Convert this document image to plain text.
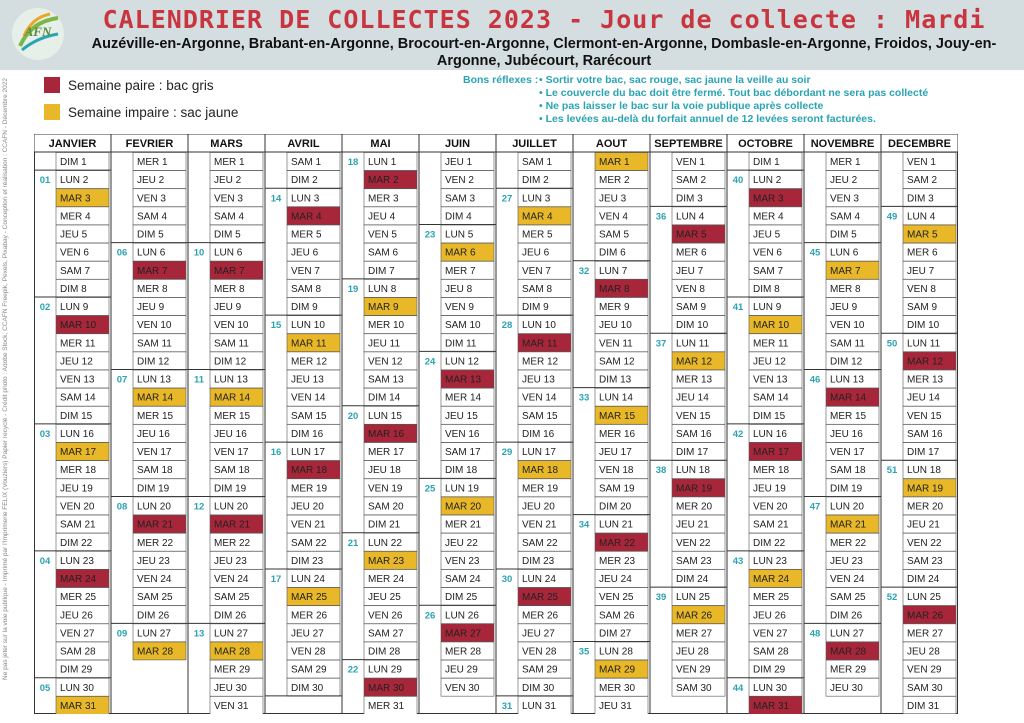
AFN	CALENDRIER DE COLLECTES 2023 - Jour de collecte : Mardi
Auzéville-en-Argonne, Brabant-en-Argonne, Brocourt-en-Argonne, Clermont-en-Argonne, Dombasle-en-Argonne, Froidos, Jouy-en-Argonne, Jubécourt, Rarécourt
Semaine paire : bac gris
Semaine impaire : sac jaune
Bons réflexes :
• Sortir votre bac, sac rouge, sac jaune la veille au soir
• Le couvercle du bac doit être fermé. Tout bac débordant ne sera pas collecté
• Ne pas laisser le bac sur la voie publique après collecte
• Les levées au-delà du forfait annuel de 12 levées seront facturées.
Ne pas jeter sur la voie publique - Imprimé par l'Imprimerie FELIX (Vouziers) Papier recyclé - Crédit photo : Adobe Stock, CCAFN Freepik, Pexels, Pixabay - Conception et réalisation : CCAFN - Décembre 2022	JANVIER
DIM 1
LUN 2
01
MAR 3
MER 4
JEU 5
VEN 6
SAM 7
DIM 8
LUN 9
02
MAR 10
MER 11
JEU 12
VEN 13
SAM 14
DIM 15
LUN 16
03
MAR 17
MER 18
JEU 19
VEN 20
SAM 21
DIM 22
LUN 23
04
MAR 24
MER 25
JEU 26
VEN 27
SAM 28
DIM 29
LUN 30
05
MAR 31
FEVRIER
MER 1
JEU 2
VEN 3
SAM 4
DIM 5
LUN 6
06
MAR 7
MER 8
JEU 9
VEN 10
SAM 11
DIM 12
LUN 13
07
MAR 14
MER 15
JEU 16
VEN 17
SAM 18
DIM 19
LUN 20
08
MAR 21
MER 22
JEU 23
VEN 24
SAM 25
DIM 26
LUN 27
09
MAR 28
MARS
MER 1
JEU 2
VEN 3
SAM 4
DIM 5
LUN 6
10
MAR 7
MER 8
JEU 9
VEN 10
SAM 11
DIM 12
LUN 13
11
MAR 14
MER 15
JEU 16
VEN 17
SAM 18
DIM 19
LUN 20
12
MAR 21
MER 22
JEU 23
VEN 24
SAM 25
DIM 26
LUN 27
13
MAR 28
MER 29
JEU 30
VEN 31
AVRIL
SAM 1
DIM 2
LUN 3
14
MAR 4
MER 5
JEU 6
VEN 7
SAM 8
DIM 9
LUN 10
15
MAR 11
MER 12
JEU 13
VEN 14
SAM 15
DIM 16
LUN 17
16
MAR 18
MER 19
JEU 20
VEN 21
SAM 22
DIM 23
LUN 24
17
MAR 25
MER 26
JEU 27
VEN 28
SAM 29
DIM 30
MAI
LUN 1
18
MAR 2
MER 3
JEU 4
VEN 5
SAM 6
DIM 7
LUN 8
19
MAR 9
MER 10
JEU 11
VEN 12
SAM 13
DIM 14
LUN 15
20
MAR 16
MER 17
JEU 18
VEN 19
SAM 20
DIM 21
LUN 22
21
MAR 23
MER 24
JEU 25
VEN 26
SAM 27
DIM 28
LUN 29
22
MAR 30
MER 31
JUIN
JEU 1
VEN 2
SAM 3
DIM 4
LUN 5
23
MAR 6
MER 7
JEU 8
VEN 9
SAM 10
DIM 11
LUN 12
24
MAR 13
MER 14
JEU 15
VEN 16
SAM 17
DIM 18
LUN 19
25
MAR 20
MER 21
JEU 22
VEN 23
SAM 24
DIM 25
LUN 26
26
MAR 27
MER 28
JEU 29
VEN 30
JUILLET
SAM 1
DIM 2
LUN 3
27
MAR 4
MER 5
JEU 6
VEN 7
SAM 8
DIM 9
LUN 10
28
MAR 11
MER 12
JEU 13
VEN 14
SAM 15
DIM 16
LUN 17
29
MAR 18
MER 19
JEU 20
VEN 21
SAM 22
DIM 23
LUN 24
30
MAR 25
MER 26
JEU 27
VEN 28
SAM 29
DIM 30
LUN 31
31
AOUT
MAR 1
MER 2
JEU 3
VEN 4
SAM 5
DIM 6
LUN 7
32
MAR 8
MER 9
JEU 10
VEN 11
SAM 12
DIM 13
LUN 14
33
MAR 15
MER 16
JEU 17
VEN 18
SAM 19
DIM 20
LUN 21
34
MAR 22
MER 23
JEU 24
VEN 25
SAM 26
DIM 27
LUN 28
35
MAR 29
MER 30
JEU 31
SEPTEMBRE
VEN 1
SAM 2
DIM 3
LUN 4
36
MAR 5
MER 6
JEU 7
VEN 8
SAM 9
DIM 10
LUN 11
37
MAR 12
MER 13
JEU 14
VEN 15
SAM 16
DIM 17
LUN 18
38
MAR 19
MER 20
JEU 21
VEN 22
SAM 23
DIM 24
LUN 25
39
MAR 26
MER 27
JEU 28
VEN 29
SAM 30
OCTOBRE
DIM 1
LUN 2
40
MAR 3
MER 4
JEU 5
VEN 6
SAM 7
DIM 8
LUN 9
41
MAR 10
MER 11
JEU 12
VEN 13
SAM 14
DIM 15
LUN 16
42
MAR 17
MER 18
JEU 19
VEN 20
SAM 21
DIM 22
LUN 23
43
MAR 24
MER 25
JEU 26
VEN 27
SAM 28
DIM 29
LUN 30
44
MAR 31
NOVEMBRE
MER 1
JEU 2
VEN 3
SAM 4
DIM 5
LUN 6
45
MAR 7
MER 8
JEU 9
VEN 10
SAM 11
DIM 12
LUN 13
46
MAR 14
MER 15
JEU 16
VEN 17
SAM 18
DIM 19
LUN 20
47
MAR 21
MER 22
JEU 23
VEN 24
SAM 25
DIM 26
LUN 27
48
MAR 28
MER 29
JEU 30
DECEMBRE
VEN 1
SAM 2
DIM 3
LUN 4
49
MAR 5
MER 6
JEU 7
VEN 8
SAM 9
DIM 10
LUN 11
50
MAR 12
MER 13
JEU 14
VEN 15
SAM 16
DIM 17
LUN 18
51
MAR 19
MER 20
JEU 21
VEN 22
SAM 23
DIM 24
LUN 25
52
MAR 26
MER 27
JEU 28
VEN 29
SAM 30
DIM 31
